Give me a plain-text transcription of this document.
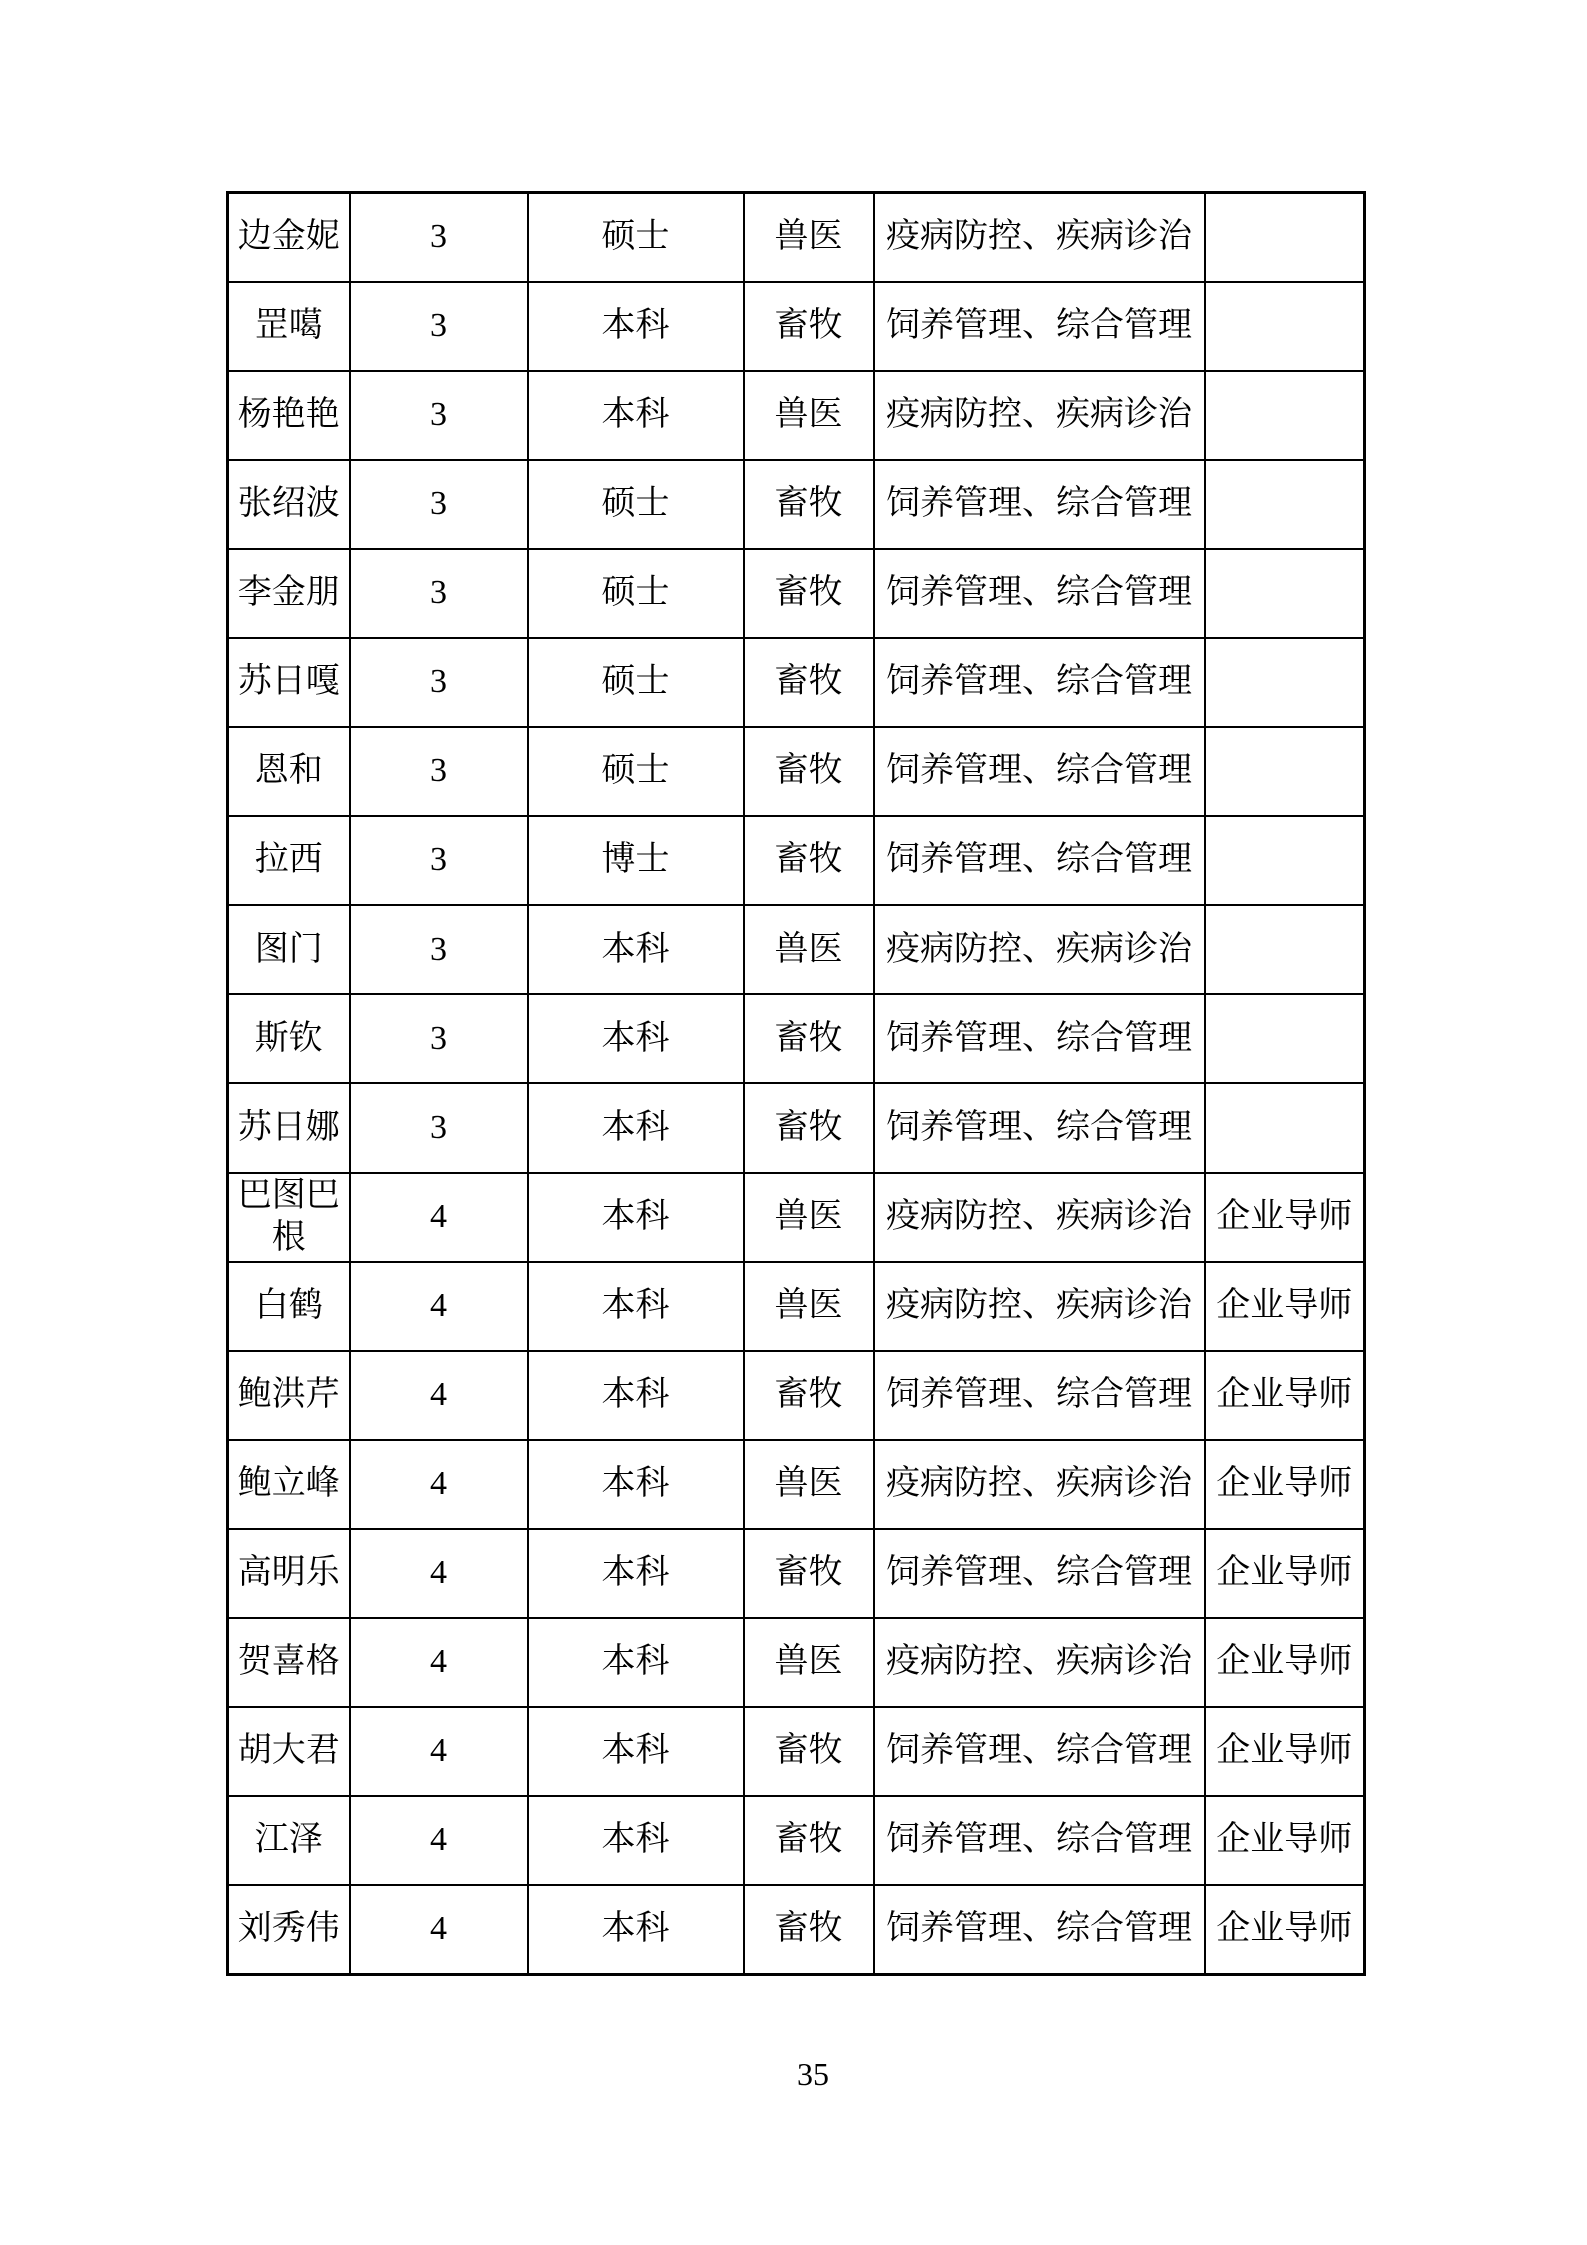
边金妮	3	硕士	兽医	疫病防控、疾病诊治	
罡噶	3	本科	畜牧	饲养管理、综合管理	
杨艳艳	3	本科	兽医	疫病防控、疾病诊治	
张绍波	3	硕士	畜牧	饲养管理、综合管理	
李金朋	3	硕士	畜牧	饲养管理、综合管理	
苏日嘎	3	硕士	畜牧	饲养管理、综合管理	
恩和	3	硕士	畜牧	饲养管理、综合管理	
拉西	3	博士	畜牧	饲养管理、综合管理	
图门	3	本科	兽医	疫病防控、疾病诊治	
斯钦	3	本科	畜牧	饲养管理、综合管理	
苏日娜	3	本科	畜牧	饲养管理、综合管理	
巴图巴根	4	本科	兽医	疫病防控、疾病诊治	企业导师
白鹤	4	本科	兽医	疫病防控、疾病诊治	企业导师
鲍洪芹	4	本科	畜牧	饲养管理、综合管理	企业导师
鲍立峰	4	本科	兽医	疫病防控、疾病诊治	企业导师
高明乐	4	本科	畜牧	饲养管理、综合管理	企业导师
贺喜格	4	本科	兽医	疫病防控、疾病诊治	企业导师
胡大君	4	本科	畜牧	饲养管理、综合管理	企业导师
江泽	4	本科	畜牧	饲养管理、综合管理	企业导师
刘秀伟	4	本科	畜牧	饲养管理、综合管理	企业导师
35
